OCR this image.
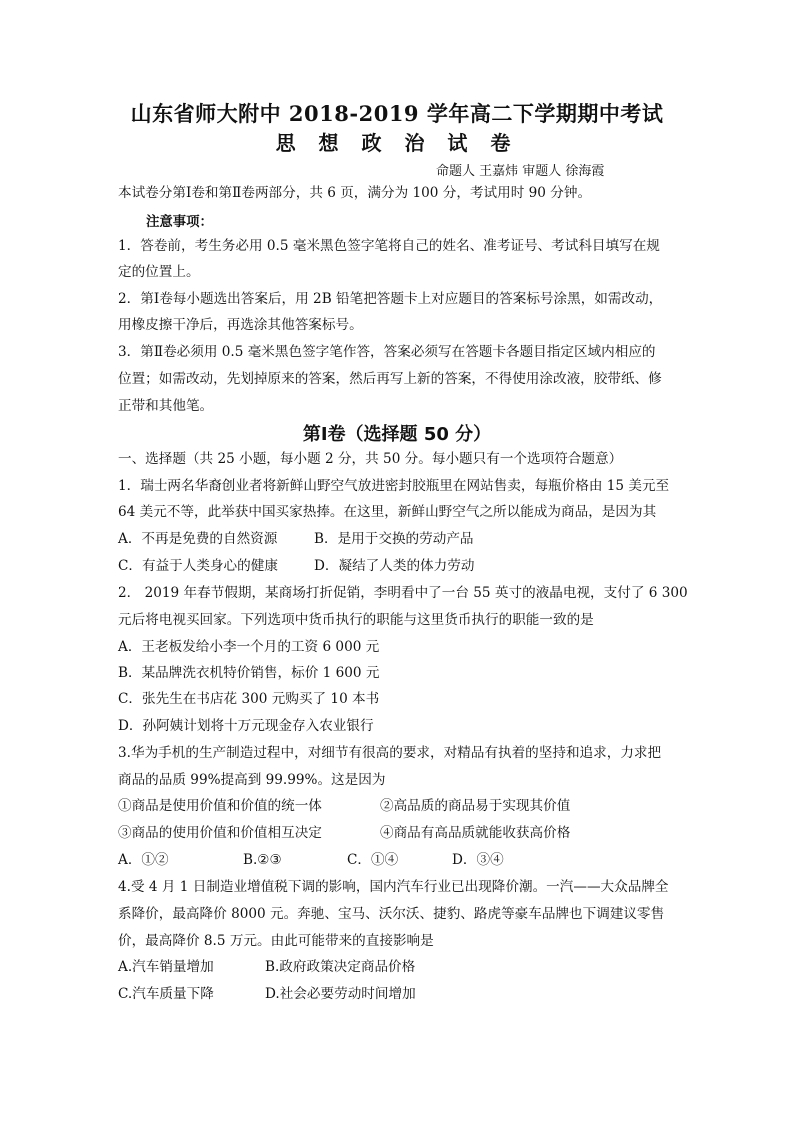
山东省师大附中 2018-2019 学年高二下学期期中考试
思 想 政 治 试 卷
命题人 王嘉炜 审题人 徐海霞
本试卷分第Ⅰ卷和第Ⅱ卷两部分，共 6 页，满分为 100 分，考试用时 90 分钟。
注意事项：
1．答卷前，考生务必用 0.5 毫米黑色签字笔将自己的姓名、准考证号、考试科目填写在规
定的位置上。
2．第Ⅰ卷每小题选出答案后，用 2B 铅笔把答题卡上对应题目的答案标号涂黑，如需改动，
用橡皮擦干净后，再选涂其他答案标号。
3．第Ⅱ卷必须用 0.5 毫米黑色签字笔作答，答案必须写在答题卡各题目指定区域内相应的
位置；如需改动，先划掉原来的答案，然后再写上新的答案，不得使用涂改液，胶带纸、修
正带和其他笔。
第Ⅰ卷（选择题 50 分）
一、选择题（共 25 小题，每小题 2 分，共 50 分。每小题只有一个选项符合题意）
1．瑞士两名华裔创业者将新鲜山野空气放进密封胶瓶里在网站售卖，每瓶价格由 15 美元至
64 美元不等，此举获中国买家热捧。在这里，新鲜山野空气之所以能成为商品，是因为其
A．不再是免费的自然资源	B．是用于交换的劳动产品
C．有益于人类身心的健康	D．凝结了人类的体力劳动
2． 2019 年春节假期，某商场打折促销，李明看中了一台 55 英寸的液晶电视，支付了 6 300
元后将电视买回家。下列选项中货币执行的职能与这里货币执行的职能一致的是
A．王老板发给小李一个月的工资 6 000 元
B．某品牌洗衣机特价销售，标价 1 600 元
C．张先生在书店花 300 元购买了 10 本书
D．孙阿姨计划将十万元现金存入农业银行
3.华为手机的生产制造过程中，对细节有很高的要求，对精品有执着的坚持和追求，力求把
商品的品质 99%提高到 99.99%。这是因为
①商品是使用价值和价值的统一体	②高品质的商品易于实现其价值
③商品的使用价值和价值相互决定	④商品有高品质就能收获高价格
A．①②	B.②③	C．①④	D．③④
4.受 4 月 1 日制造业增值税下调的影响，国内汽车行业已出现降价潮。一汽——大众品牌全
系降价，最高降价 8000 元。奔驰、宝马、沃尔沃、捷豹、路虎等豪车品牌也下调建议零售
价，最高降价 8.5 万元。由此可能带来的直接影响是
A.汽车销量增加	B.政府政策决定商品价格
C.汽车质量下降	D.社会必要劳动时间增加
